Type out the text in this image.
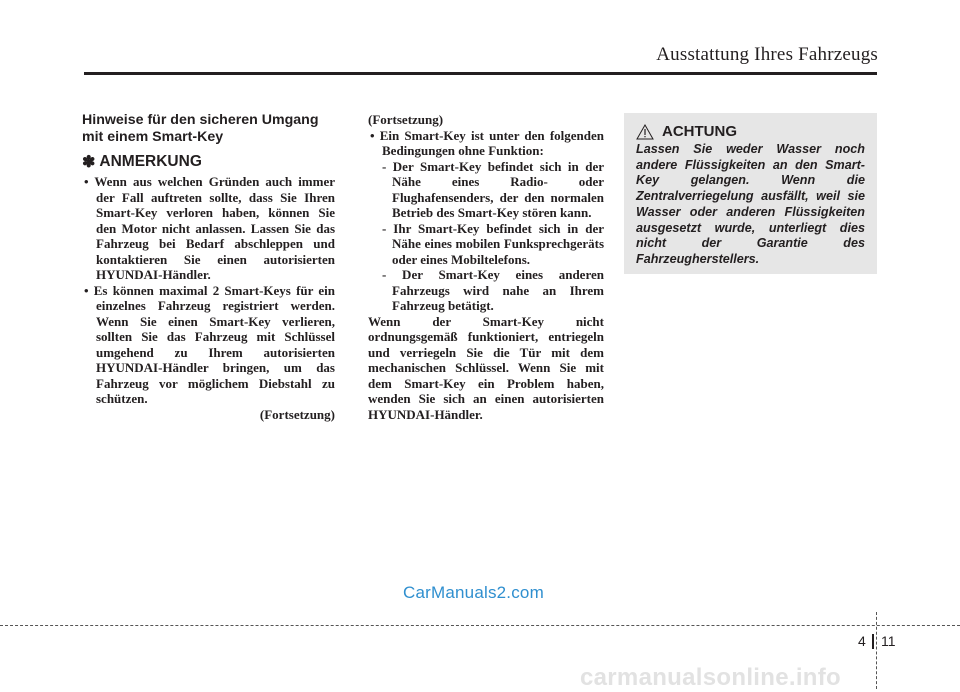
Ausstattung Ihres Fahrzeugs

Hinweise für den sicheren Umgang mit einem Smart-Key

✽ ANMERKUNG
• Wenn aus welchen Gründen auch immer der Fall auftreten sollte, dass Sie Ihren Smart-Key verloren haben, können Sie den Motor nicht anlassen. Lassen Sie das Fahrzeug bei Bedarf abschleppen und kontaktieren Sie einen autorisierten HYUNDAI-Händler.
• Es können maximal 2 Smart-Keys für ein einzelnes Fahrzeug registriert werden. Wenn Sie einen Smart-Key verlieren, sollten Sie das Fahrzeug mit Schlüssel umgehend zu Ihrem autorisierten HYUNDAI-Händler bringen, um das Fahrzeug vor möglichem Diebstahl zu schützen.
(Fortsetzung)
(Fortsetzung)
• Ein Smart-Key ist unter den folgenden Bedingungen ohne Funktion:
- Der Smart-Key befindet sich in der Nähe eines Radio- oder Flughafensenders, der den normalen Betrieb des Smart-Key stören kann.
- Ihr Smart-Key befindet sich in der Nähe eines mobilen Funksprechgeräts oder eines Mobiltelefons.
- Der Smart-Key eines anderen Fahrzeugs wird nahe an Ihrem Fahrzeug betätigt.
Wenn der Smart-Key nicht ordnungsgemäß funktioniert, entriegeln und verriegeln Sie die Tür mit dem mechanischen Schlüssel. Wenn Sie mit dem Smart-Key ein Problem haben, wenden Sie sich an einen autorisierten HYUNDAI-Händler.
ACHTUNG
Lassen Sie weder Wasser noch andere Flüssigkeiten an den Smart-Key gelangen. Wenn die Zentralverriegelung ausfällt, weil sie Wasser oder anderen Flüssigkeiten ausgesetzt wurde, unterliegt dies nicht der Garantie des Fahrzeugherstellers.
CarManuals2.com
4 11
carmanualsonline.info
